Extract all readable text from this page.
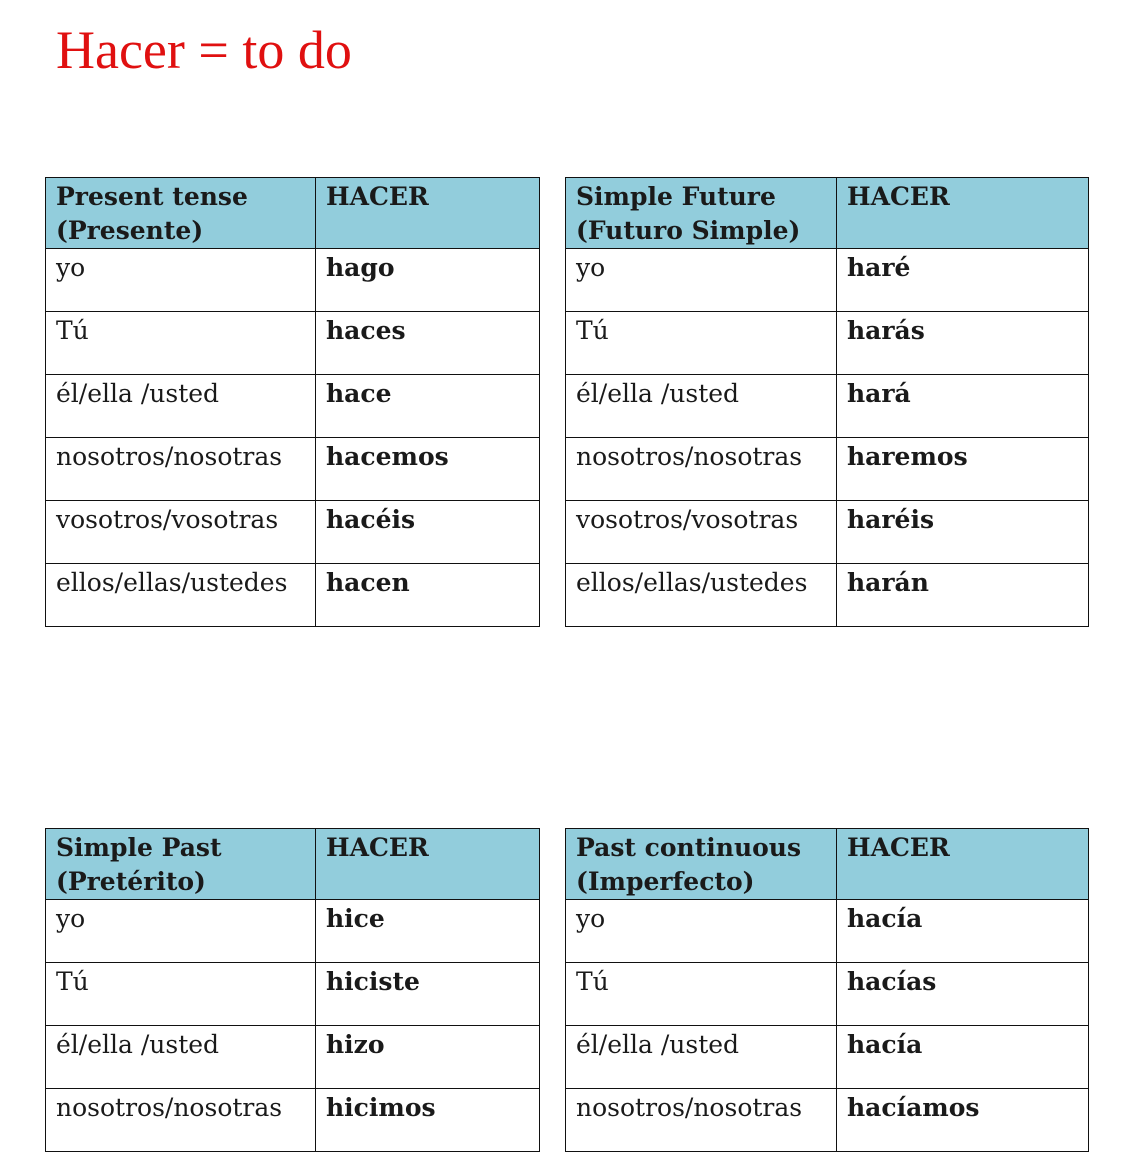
Hacer = to do
Present tense (Presente)	HACER
yo	hago
Tú	haces
él/ella /usted	hace
nosotros/nosotras	hacemos
vosotros/vosotras	hacéis
ellos/ellas/ustedes	hacen
Simple Future (Futuro Simple)	HACER
yo	haré
Tú	harás
él/ella /usted	hará
nosotros/nosotras	haremos
vosotros/vosotras	haréis
ellos/ellas/ustedes	harán
Simple Past (Pretérito)	HACER
yo	hice
Tú	hiciste
él/ella /usted	hizo
nosotros/nosotras	hicimos
Past continuous (Imperfecto)	HACER
yo	hacía
Tú	hacías
él/ella /usted	hacía
nosotros/nosotras	hacíamos
